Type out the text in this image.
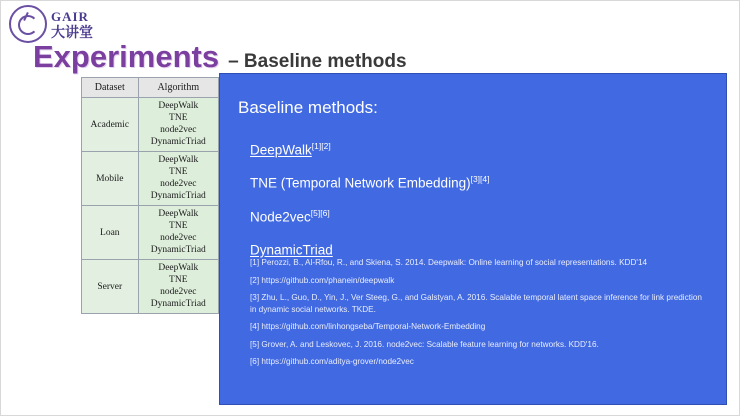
GAIR
大讲堂
Experiments – Baseline methods
Dataset	Algorithm
Academic	DeepWalk
TNE
node2vec
DynamicTriad

Mobile	DeepWalk
TNE
node2vec
DynamicTriad

Loan	DeepWalk
TNE
node2vec
DynamicTriad

Server	DeepWalk
TNE
node2vec
DynamicTriad
Baseline methods:
DeepWalk[1][2]
TNE (Temporal Network Embedding)[3][4]
Node2vec[5][6]
DynamicTriad
[1] Perozzi, B., Al-Rfou, R., and Skiena, S. 2014. Deepwalk: Online learning of social representations. KDD'14
[2] https://github.com/phanein/deepwalk
[3] Zhu, L., Guo, D., Yin, J., Ver Steeg, G., and Galstyan, A. 2016. Scalable temporal latent space inference for link prediction in dynamic social networks. TKDE.
[4] https://github.com/linhongseba/Temporal-Network-Embedding
[5] Grover, A. and Leskovec, J. 2016. node2vec: Scalable feature learning for networks. KDD'16.
[6] https://github.com/aditya-grover/node2vec
